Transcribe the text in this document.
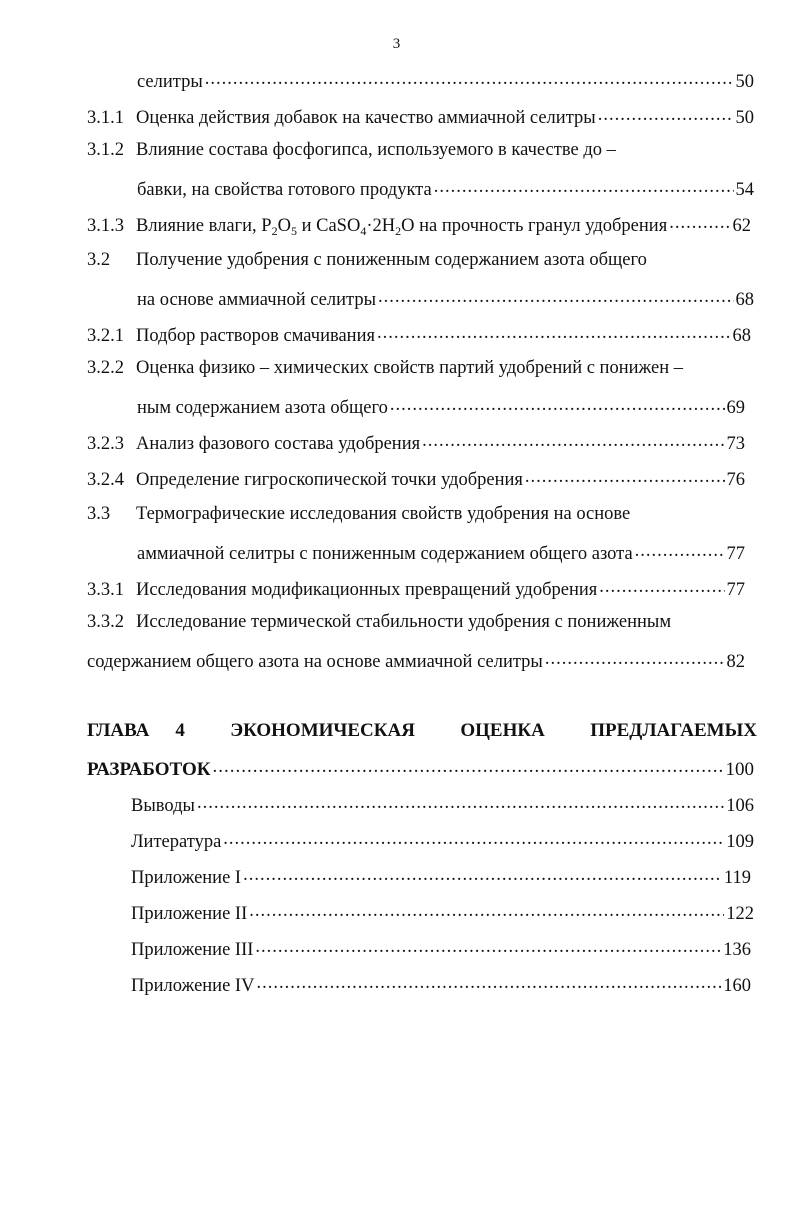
3
селитры .....	50
3.1.1 Оценка действия добавок на качество аммиачной селитры .....	50
3.1.2 Влияние состава фосфогипса, используемого в качестве до –
бавки, на свойства готового продукта .....	54
3.1.3 Влияние влаги, $P_2O_5$ и $CaSO_4\cdot 2H_2O$ на прочность гранул удобрения .....	62
3.2	Получение удобрения с пониженным содержанием азота общего
на основе аммиачной селитры .....	68
3.2.1 Подбор растворов смачивания .....	68
3.2.2 Оценка физико – химических свойств партий удобрений с понижен –
ным содержанием азота общего .....	69
3.2.3 Анализ фазового состава удобрения .....	73
3.2.4 Определение гигроскопической точки удобрения .....	76
3.3	Термографические исследования свойств удобрения на основе
аммиачной селитры с пониженным содержанием общего азота .....	77
3.3.1 Исследования модификационных превращений удобрения .....	77
3.3.2 Исследование термической стабильности удобрения с пониженным
содержанием общего азота на основе аммиачной селитры .....	82
ГЛАВА 4 ЭКОНОМИЧЕСКАЯ ОЦЕНКА ПРЕДЛАГАЕМЫХ
РАЗРАБОТОК .....	100
Выводы .....	106
Литература .....	109
Приложение I .....	119
Приложение II .....	122
Приложение III .....	136
Приложение IV .....	160
